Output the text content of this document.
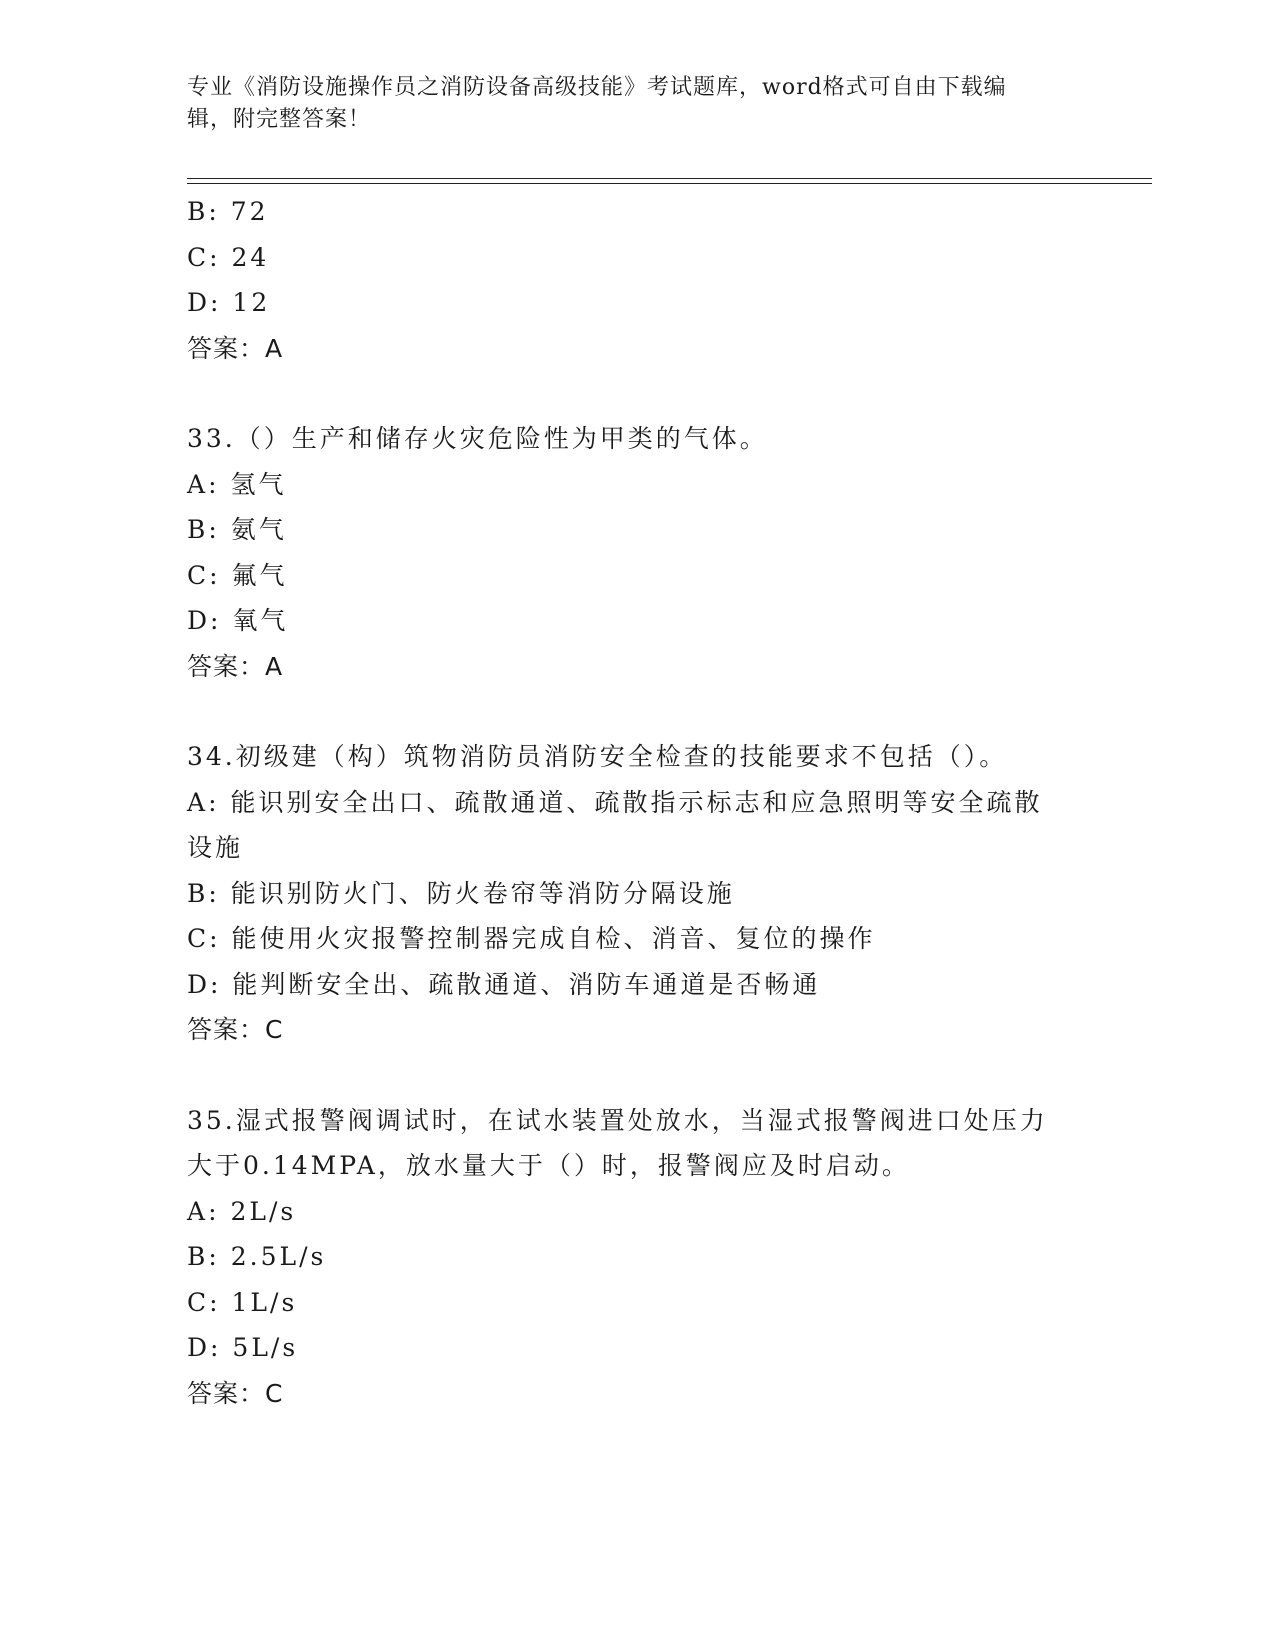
专业《消防设施操作员之消防设备高级技能》考试题库，word格式可自由下载编
辑，附完整答案！
B: 72
C: 24
D: 12
答案：A
33.（）生产和储存火灾危险性为甲类的气体。
A: 氢气
B: 氨气
C: 氟气
D: 氧气
答案：A
34.初级建（构）筑物消防员消防安全检查的技能要求不包括（）。
A: 能识别安全出口、疏散通道、疏散指示标志和应急照明等安全疏散
设施
B: 能识别防火门、防火卷帘等消防分隔设施
C: 能使用火灾报警控制器完成自检、消音、复位的操作
D: 能判断安全出、疏散通道、消防车通道是否畅通
答案：C
35.湿式报警阀调试时，在试水装置处放水，当湿式报警阀进口处压力
大于0.14MPA，放水量大于（）时，报警阀应及时启动。
A: 2L/s
B: 2.5L/s
C: 1L/s
D: 5L/s
答案：C
